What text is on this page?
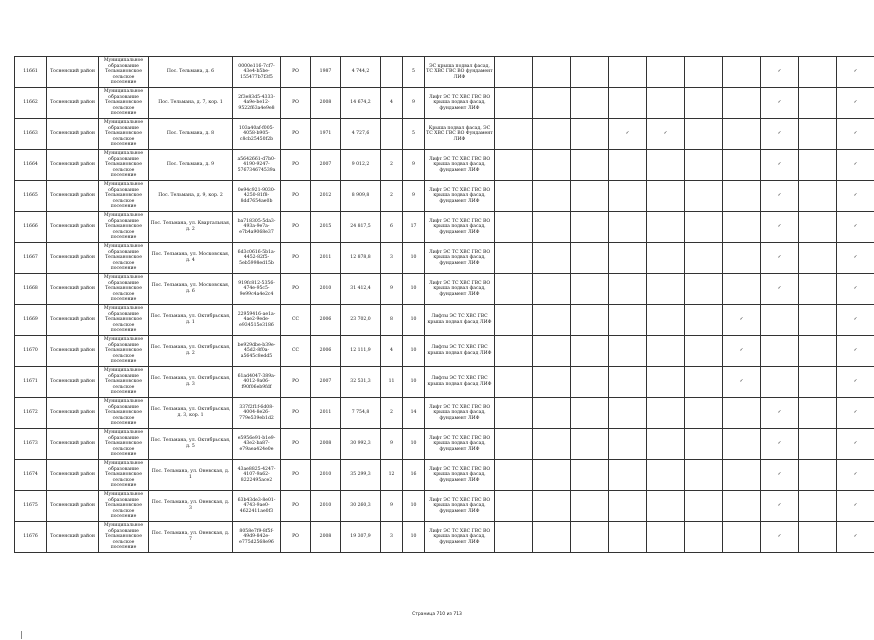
11661	Тосненский район	Муниципальное образование Тельмановское сельское поселение	Пос. Тельмана, д. 6	0000e116-7cf7-43e4-b5be-155477b7f3f5	РО	1987	4 744,2		5	ЭС крыша подвал фасад, ТС ХВС ГВС ВО фундамент ЛИФ								✓		✓
11662	Тосненский район	Муниципальное образование Тельмановское сельское поселение	Пос. Тельмана, д. 7, кор. 1	2f3e83d5-4333-4a9e-be12-9522f63a4e9e8	РО	2008	14 674,2	4	9	Лифт ЭС ТС ХВС ГВС ВО крыша подвал фасад, фундамент ЛИФ								✓		✓
11663	Тосненский район	Муниципальное образование Тельмановское сельское поселение	Пос. Тельмана, д. 8	103a40af-f005-4058-b905-c8cb25450f2b	РО	1971	4 727,6		5	Крыша подвал фасад, ЭС ТС ХВС ГВС ВО Фундамент ЛИФ				✓	✓			✓		✓
11664	Тосненский район	Муниципальное образование Тельмановское сельское поселение	Пос. Тельмана, д. 9	a5642661-d7b0-4190-9247-576734674539a	РО	2007	9 012,2	2	9	Лифт ЭС ТС ХВС ГВС ВО крыша подвал фасад, фундамент ЛИФ								✓		✓
11665	Тосненский район	Муниципальное образование Тельмановское сельское поселение	Пос. Тельмана, д. 9, кор. 2	0e94c921-9030-4250-81f8-8dd7654ae0b	РО	2012	8 909,8	2	9	Лифт ЭС ТС ХВС ГВС ВО крыша подвал фасад, фундамент ЛИФ								✓		✓
11666	Тосненский район	Муниципальное образование Тельмановское сельское поселение	Пос. Тельмана, ул. Квартальная, д. 2	ba718305-5da3-493a-9e7a-e7b4a9068e37	РО	2015	24 817,5	6	17	Лифт ЭС ТС ХВС ГВС ВО крыша подвал фасад, фундамент ЛИФ								✓		✓
11667	Тосненский район	Муниципальное образование Тельмановское сельское поселение	Пос. Тельмана, ул. Московская, д. 4	6d3c0616-5b1a-4452-82f5-5eb5998ed15b	РО	2011	12 878,8	3	10	Лифт ЭС ТС ХВС ГВС ВО крыша подвал фасад, фундамент ЛИФ								✓		✓
11668	Тосненский район	Муниципальное образование Тельмановское сельское поселение	Пос. Тельмана, ул. Московская, д. 6	919fc812-5356-474e-95c5-9e99c4a4e2c4	РО	2010	31 412,4	9	10	Лифт ЭС ТС ХВС ГВС ВО крыша подвал фасад, фундамент ЛИФ								✓		✓
11669	Тосненский район	Муниципальное образование Тельмановское сельское поселение	Пос. Тельмана, ул. Октябрьская, д. 1	22959416-ae1a-4ae2-9ede-e934515e3186	СС	2006	23 702,0	8	10	Лифты ЭС ТС ХВС ГВС крыша подвал фасад ЛИФ							✓			✓
11670	Тосненский район	Муниципальное образование Тельмановское сельское поселение	Пос. Тельмана, ул. Октябрьская, д. 2	be929dbe-b39e-45d2-8f0a-a5645c8edd5	СС	2006	12 111,9	4	10	Лифты ЭС ТС ХВС ГВС крыша подвал фасад ЛИФ							✓			✓
11671	Тосненский район	Муниципальное образование Тельмановское сельское поселение	Пос. Тельмана, ул. Октябрьская, д. 3	61ad4047-389a-4012-9a06-f90f06eb9fdf	РО	2007	32 531,3	11	10	Лифты ЭС ТС ХВС ГВС крыша подвал фасад ЛИФ							✓			✓
11672	Тосненский район	Муниципальное образование Тельмановское сельское поселение	Пос. Тельмана, ул. Октябрьская, д. 3, кор. 1	337f2f1f-6d08-4004-8e26-779e539eb1d2	РО	2011	7 754,8	2	14	Лифт ЭС ТС ХВС ГВС ВО крыша подвал фасад, фундамент ЛИФ								✓		✓
11673	Тосненский район	Муниципальное образование Тельмановское сельское поселение	Пос. Тельмана, ул. Октябрьская, д. 5	e5956e91-b1e9-43e2-ba87-e79aea424e0e	РО	2008	30 992,3	9	10	Лифт ЭС ТС ХВС ГВС ВО крыша подвал фасад, фундамент ЛИФ								✓		✓
11674	Тосненский район	Муниципальное образование Тельмановское сельское поселение	Пос. Тельмана, ул. Оневская, д. 1	43ae8825-4247-4107-9a62-8222495ace2	РО	2010	35 299,3	12	16	Лифт ЭС ТС ХВС ГВС ВО крыша подвал фасад, фундамент ЛИФ								✓		✓
11675	Тосненский район	Муниципальное образование Тельмановское сельское поселение	Пос. Тельмана, ул. Оневская, д. 3	63b43de3-8e01-4743-9ae0-4622411ae0f3	РО	2010	30 260,3	9	10	Лифт ЭС ТС ХВС ГВС ВО крыша подвал фасад, фундамент ЛИФ								✓		✓
11676	Тосненский район	Муниципальное образование Тельмановское сельское поселение	Пос. Тельмана, ул. Оневская, д. 7	8058e7f9-8f5f-49d9-842e-e775d2568e96	РО	2008	19 307,9	3	10	Лифт ЭС ТС ХВС ГВС ВО крыша подвал фасад, фундамент ЛИФ								✓		✓
Страница 710 из 713
